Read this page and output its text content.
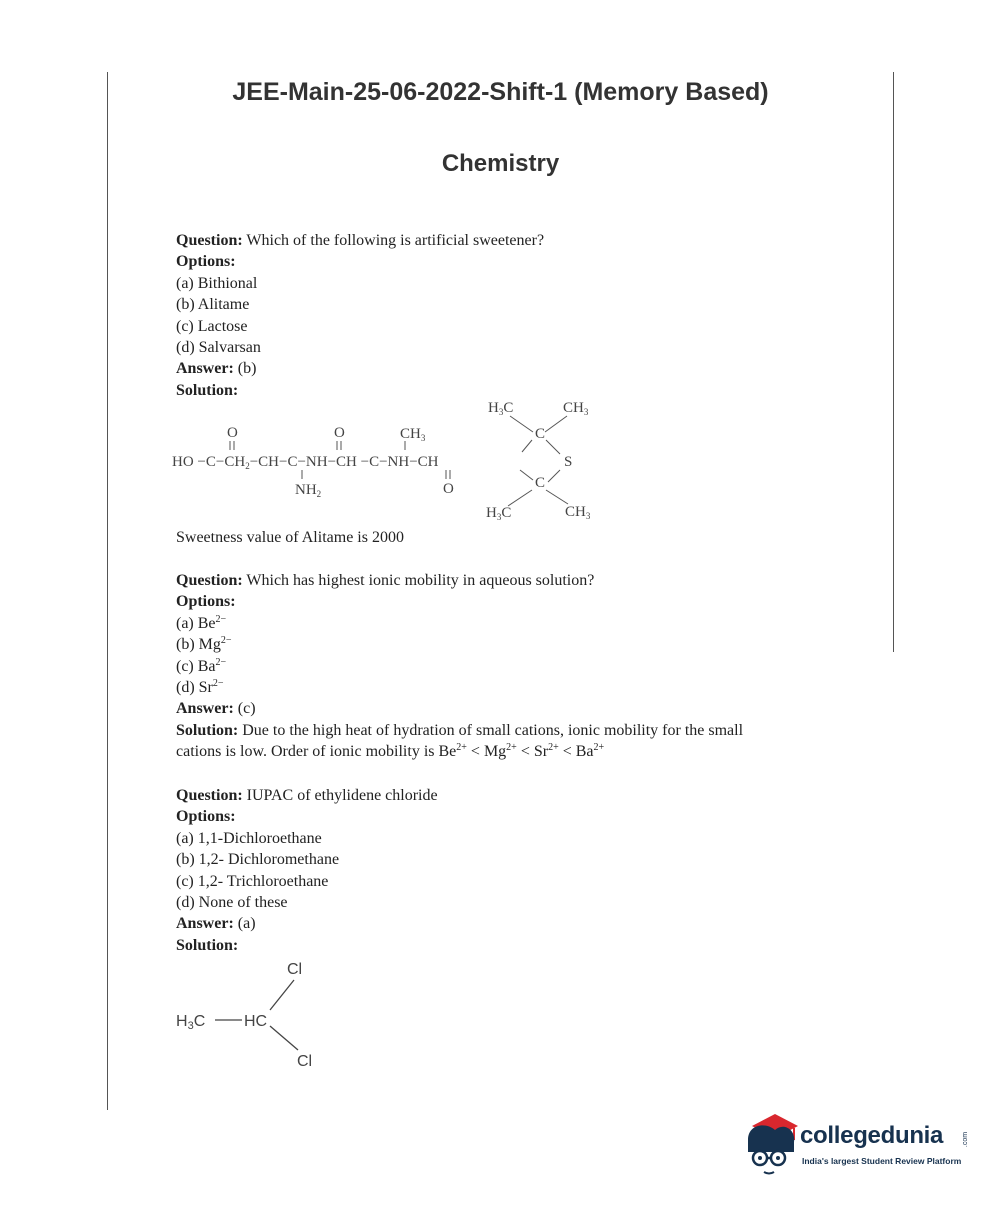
JEE-Main-25-06-2022-Shift-1 (Memory Based)
Chemistry

Question: Which of the following is artificial sweetener?

Options:

(a) Bithional

(b) Alitame

(c) Lactose

(d) Salvarsan

Answer: (b)

Solution:

O	O	$CH_3$
$H_3C$	$CH_3$
C
HO $-C-CH_2-CH-C-NH-CH -C-NH-CH$	S
C
$NH_2$	O
$H_3C$	$CH_3$

Sweetness value of Alitame is 2000

Question: Which has highest ionic mobility in aqueous solution?

Options:

(a) $Be^{2-}$

(b) $Mg^{2-}$

(c) $Ba^{2-}$

(d) $Sr^{2-}$

Answer: (c)

Solution: Due to the high heat of hydration of small cations, ionic mobility for the small

cations is low. Order of ionic mobility is $Be^{2+} < Mg^{2+} < Sr^{2+} < Ba^{2+}$

Question: IUPAC of ethylidene chloride

Options:

(a) 1,1-Dichloroethane

(b) 1,2- Dichloromethane

(c) 1,2- Trichloroethane

(d) None of these

Answer: (a)

Solution:

Cl
H3C HC
Cl
collegedunia
India's largest Student Review Platform
.com
